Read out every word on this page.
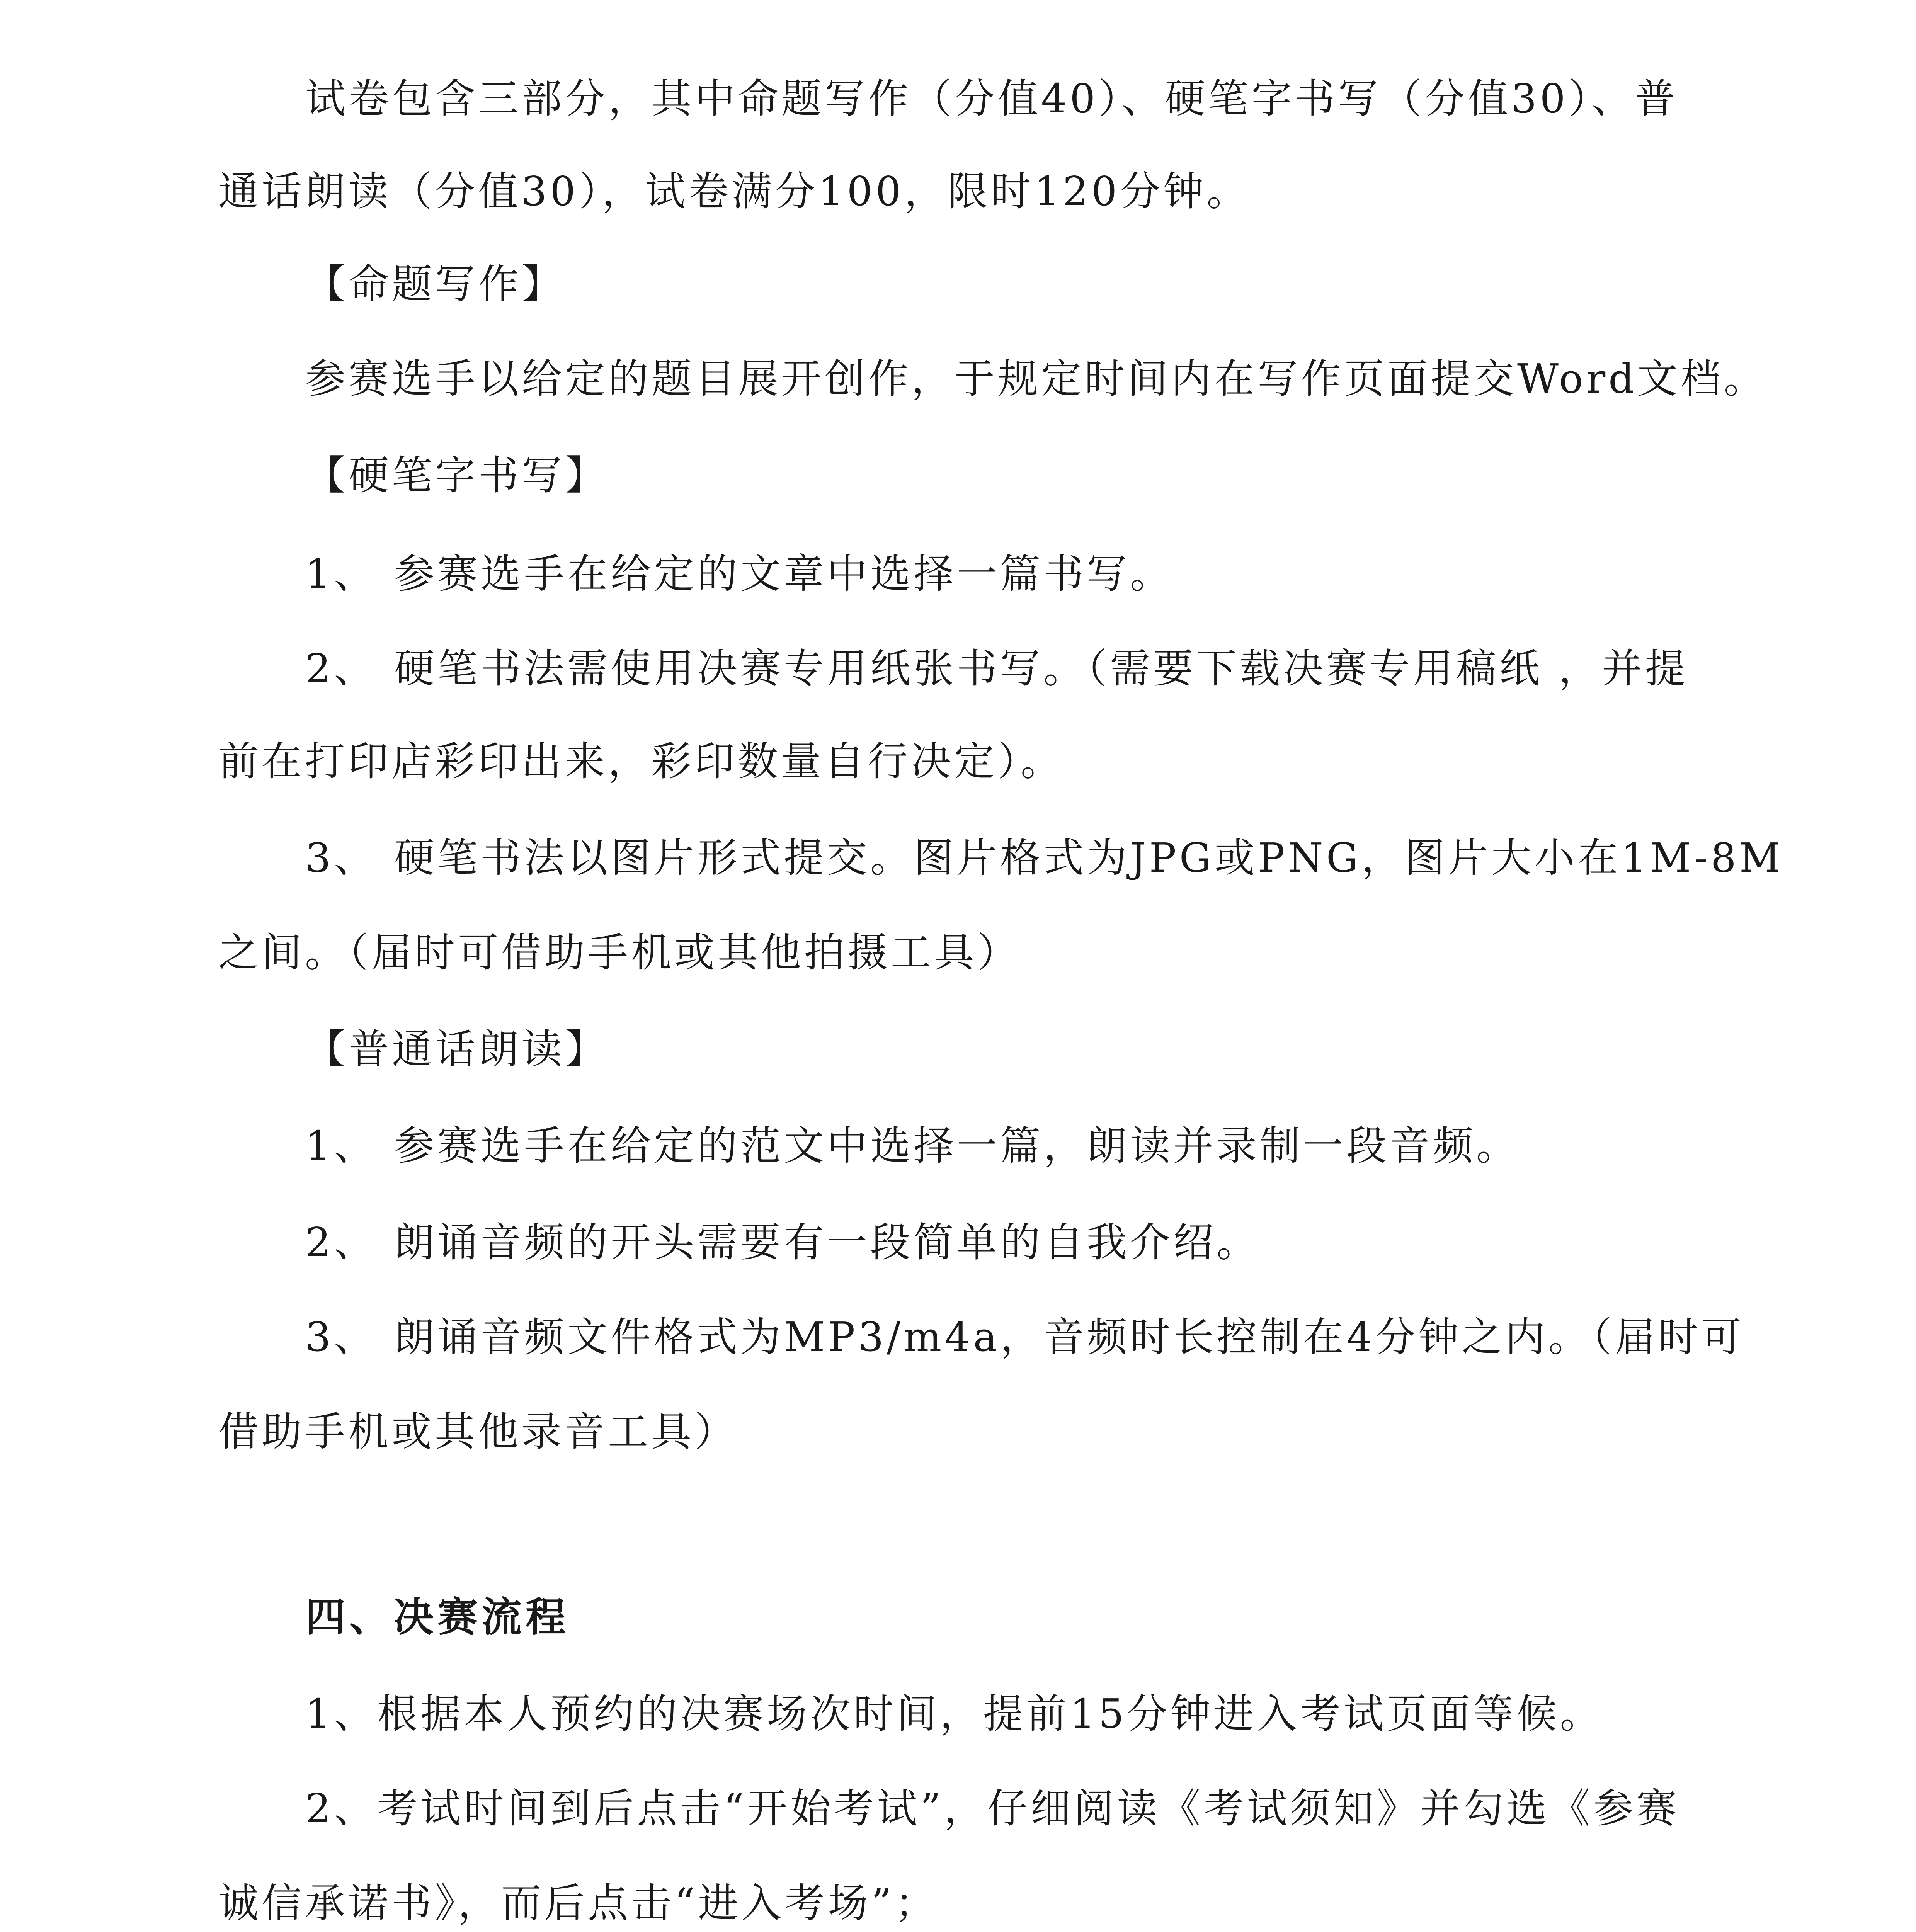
试卷包含三部分，其中命题写作（分值40）、硬笔字书写（分值30）、普
通话朗读（分值30），试卷满分100，限时120分钟。
【命题写作】
参赛选手以给定的题目展开创作，于规定时间内在写作页面提交Word文档。
【硬笔字书写】
1、 参赛选手在给定的文章中选择一篇书写。
2、 硬笔书法需使用决赛专用纸张书写。（需要下载决赛专用稿纸 ，并提
前在打印店彩印出来，彩印数量自行决定）。
3、 硬笔书法以图片形式提交。图片格式为JPG或PNG，图片大小在1M-8M
之间。（届时可借助手机或其他拍摄工具）
【普通话朗读】
1、 参赛选手在给定的范文中选择一篇，朗读并录制一段音频。
2、 朗诵音频的开头需要有一段简单的自我介绍。
3、 朗诵音频文件格式为MP3/m4a，音频时长控制在4分钟之内。（届时可
借助手机或其他录音工具）
四、决赛流程
1、根据本人预约的决赛场次时间，提前15分钟进入考试页面等候。
2、考试时间到后点击“开始考试”，仔细阅读《考试须知》并勾选《参赛
诚信承诺书》，而后点击“进入考场”；
